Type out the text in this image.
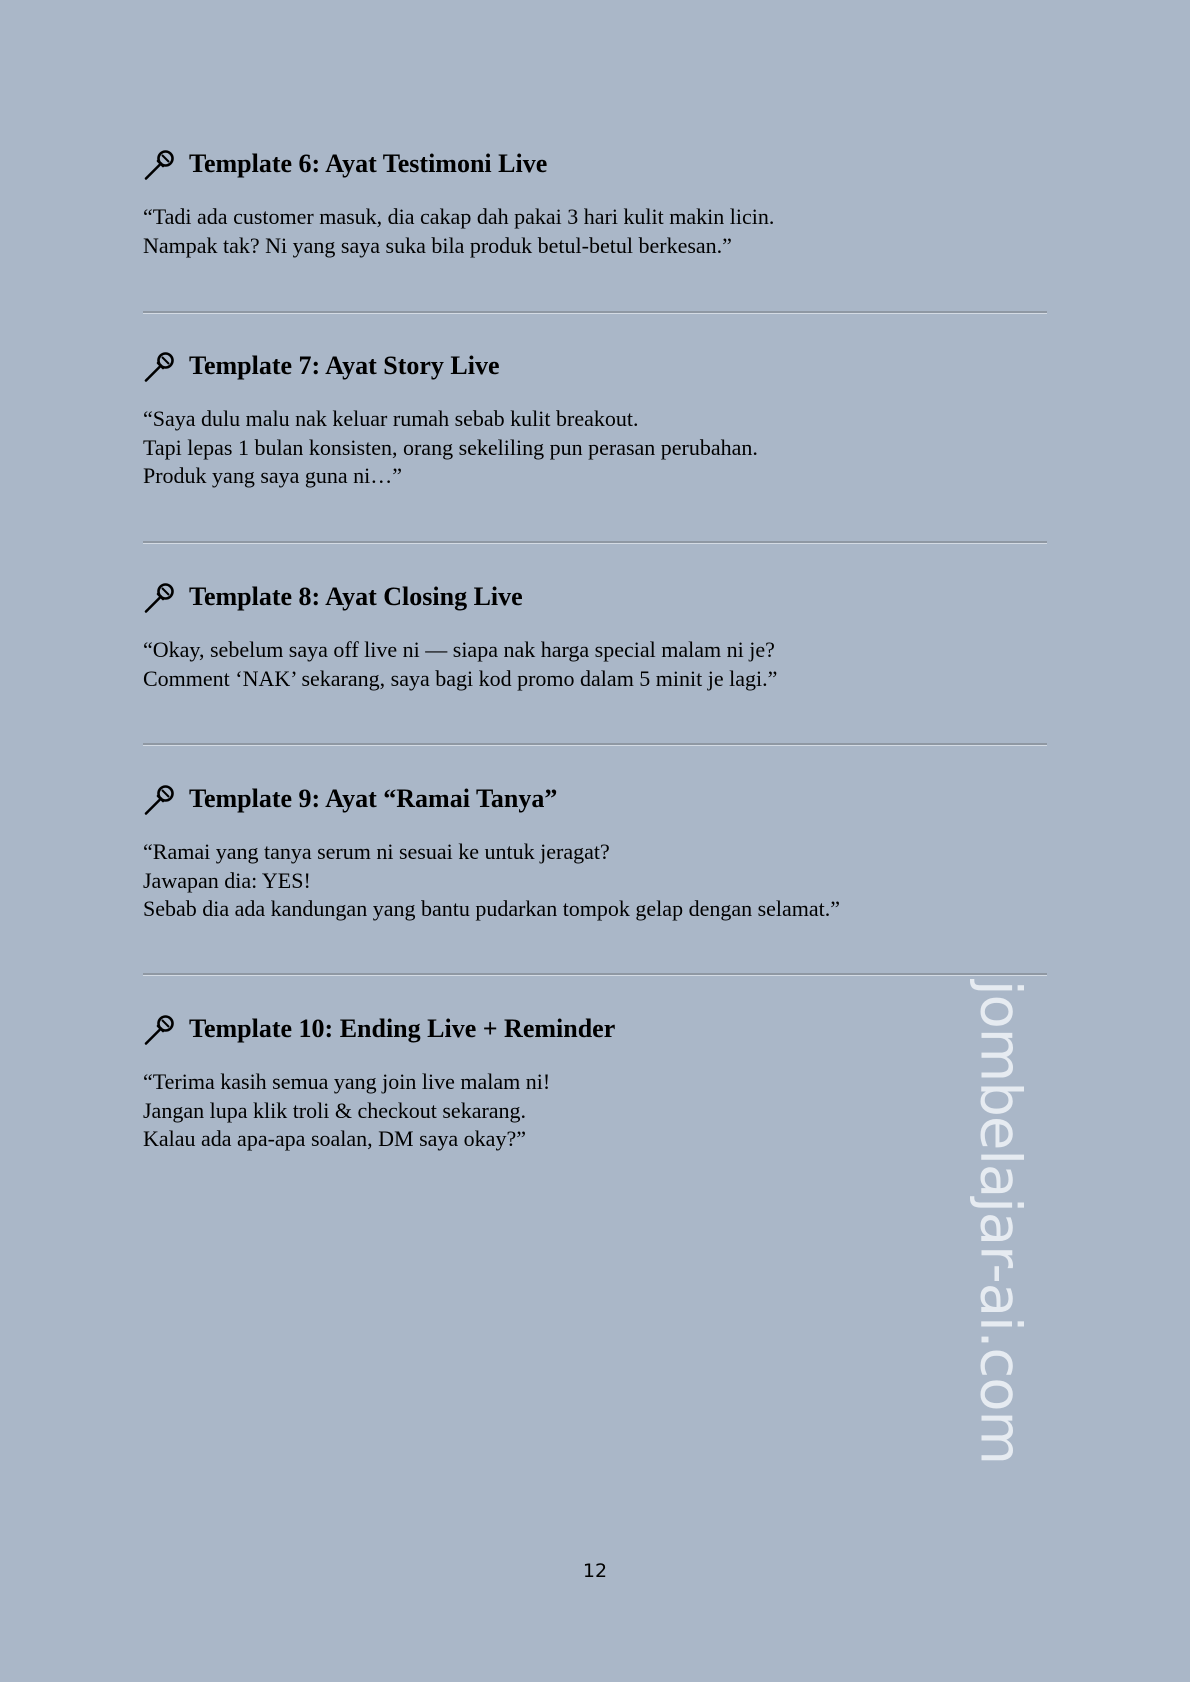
Template 6: Ayat Testimoni Live
“Tadi ada customer masuk, dia cakap dah pakai 3 hari kulit makin licin.
Nampak tak? Ni yang saya suka bila produk betul-betul berkesan.”
Template 7: Ayat Story Live
“Saya dulu malu nak keluar rumah sebab kulit breakout.
Tapi lepas 1 bulan konsisten, orang sekeliling pun perasan perubahan.
Produk yang saya guna ni…”
Template 8: Ayat Closing Live
“Okay, sebelum saya off live ni — siapa nak harga special malam ni je?
Comment ‘NAK’ sekarang, saya bagi kod promo dalam 5 minit je lagi.”
Template 9: Ayat “Ramai Tanya”
“Ramai yang tanya serum ni sesuai ke untuk jeragat?
Jawapan dia: YES!
Sebab dia ada kandungan yang bantu pudarkan tompok gelap dengan selamat.”
Template 10: Ending Live + Reminder
“Terima kasih semua yang join live malam ni!
Jangan lupa klik troli & checkout sekarang.
Kalau ada apa-apa soalan, DM saya okay?”	jombelajar-ai.com
12
